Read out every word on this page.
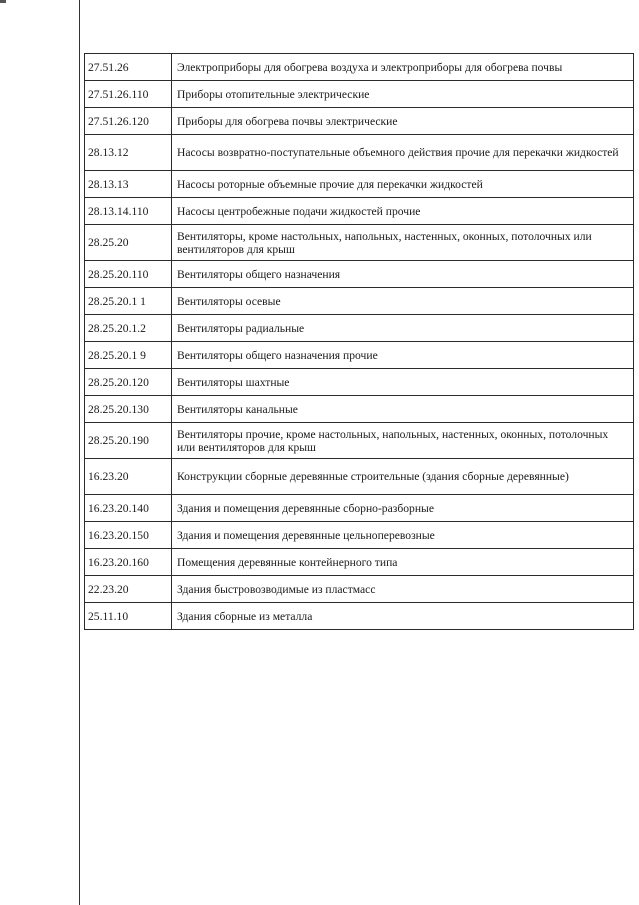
27.51.26	Электроприборы для обогрева воздуха и электроприборы для обогрева почвы
27.51.26.110	Приборы отопительные электрические
27.51.26.120	Приборы для обогрева почвы электрические
28.13.12	Насосы возвратно-поступательные объемного действия прочие для перекачки жидкостей
28.13.13	Насосы роторные объемные прочие для перекачки жидкостей
28.13.14.110	Насосы центробежные подачи жидкостей прочие
28.25.20	Вентиляторы, кроме настольных, напольных, настенных, оконных, потолочных или вентиляторов для крыш
28.25.20.110	Вентиляторы общего назначения
28.25.20.1 1	Вентиляторы осевые
28.25.20.1.2	Вентиляторы радиальные
28.25.20.1 9	Вентиляторы общего назначения прочие
28.25.20.120	Вентиляторы шахтные
28.25.20.130	Вентиляторы канальные
28.25.20.190	Вентиляторы прочие, кроме настольных, напольных, настенных, оконных, потолочных или вентиляторов для крыш
16.23.20	Конструкции сборные деревянные строительные (здания сборные деревянные)
16.23.20.140	Здания и помещения деревянные сборно-разборные
16.23.20.150	Здания и помещения деревянные цельноперевозные
16.23.20.160	Помещения деревянные контейнерного типа
22.23.20	Здания быстровозводимые из пластмасс
25.11.10	Здания сборные из металла
